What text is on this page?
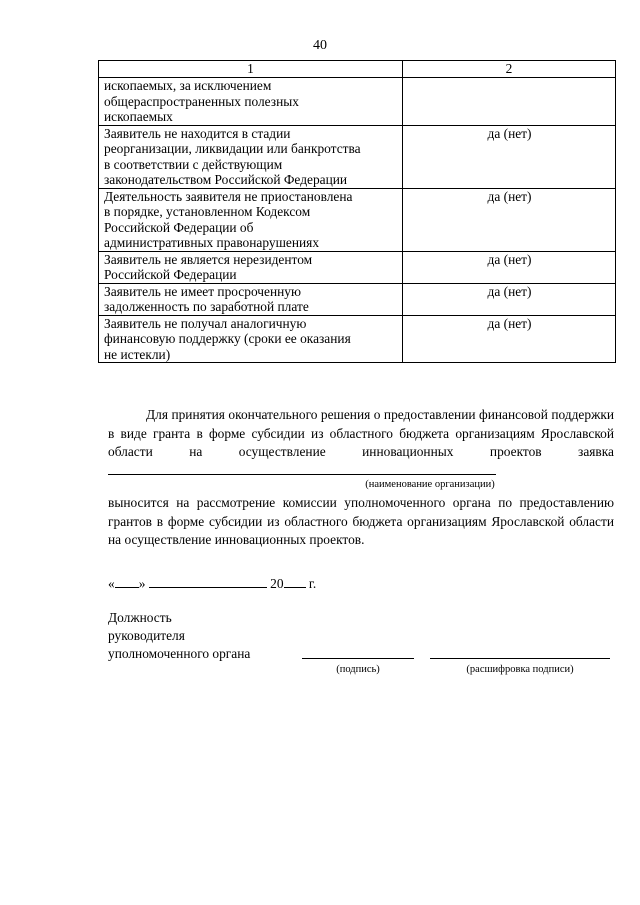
40
1	2
ископаемых, за исключением
общераспространенных полезных
ископаемых	
Заявитель не находится в стадии
реорганизации, ликвидации или банкротства
в соответствии с действующим
законодательством Российской Федерации	да (нет)
Деятельность заявителя не приостановлена
в порядке, установленном Кодексом
Российской Федерации об
административных правонарушениях	да (нет)
Заявитель не является нерезидентом
Российской Федерации	да (нет)
Заявитель не имеет просроченную
задолженность по заработной плате	да (нет)
Заявитель не получал аналогичную
финансовую поддержку (сроки ее оказания
не истекли)	да (нет)
Для принятия окончательного решения о предоставлении финансовой поддержки в виде гранта в форме субсидии из областного бюджета организациям Ярославской области на осуществление инновационных проектов заявка
(наименование организации)
выносится на рассмотрение комиссии уполномоченного органа по предоставлению грантов в форме субсидии из областного бюджета организациям Ярославской области на осуществление инновационных проектов.
« »	20 г.
Должность
руководителя
уполномоченного органа
(подпись)	(расшифровка подписи)
